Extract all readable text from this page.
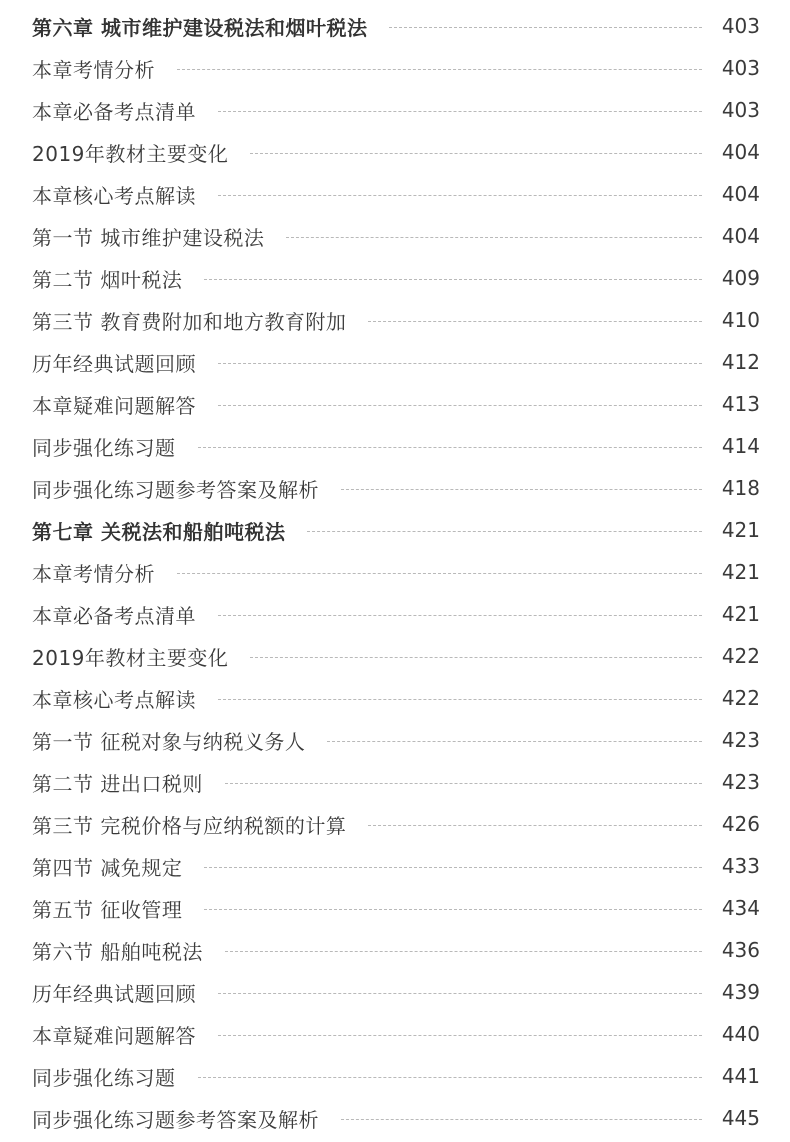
第六章 城市维护建设税法和烟叶税法	403
本章考情分析	403
本章必备考点清单	403
2019年教材主要变化	404
本章核心考点解读	404
第一节 城市维护建设税法	404
第二节 烟叶税法	409
第三节 教育费附加和地方教育附加	410
历年经典试题回顾	412
本章疑难问题解答	413
同步强化练习题	414
同步强化练习题参考答案及解析	418
第七章 关税法和船舶吨税法	421
本章考情分析	421
本章必备考点清单	421
2019年教材主要变化	422
本章核心考点解读	422
第一节 征税对象与纳税义务人	423
第二节 进出口税则	423
第三节 完税价格与应纳税额的计算	426
第四节 减免规定	433
第五节 征收管理	434
第六节 船舶吨税法	436
历年经典试题回顾	439
本章疑难问题解答	440
同步强化练习题	441
同步强化练习题参考答案及解析	445
